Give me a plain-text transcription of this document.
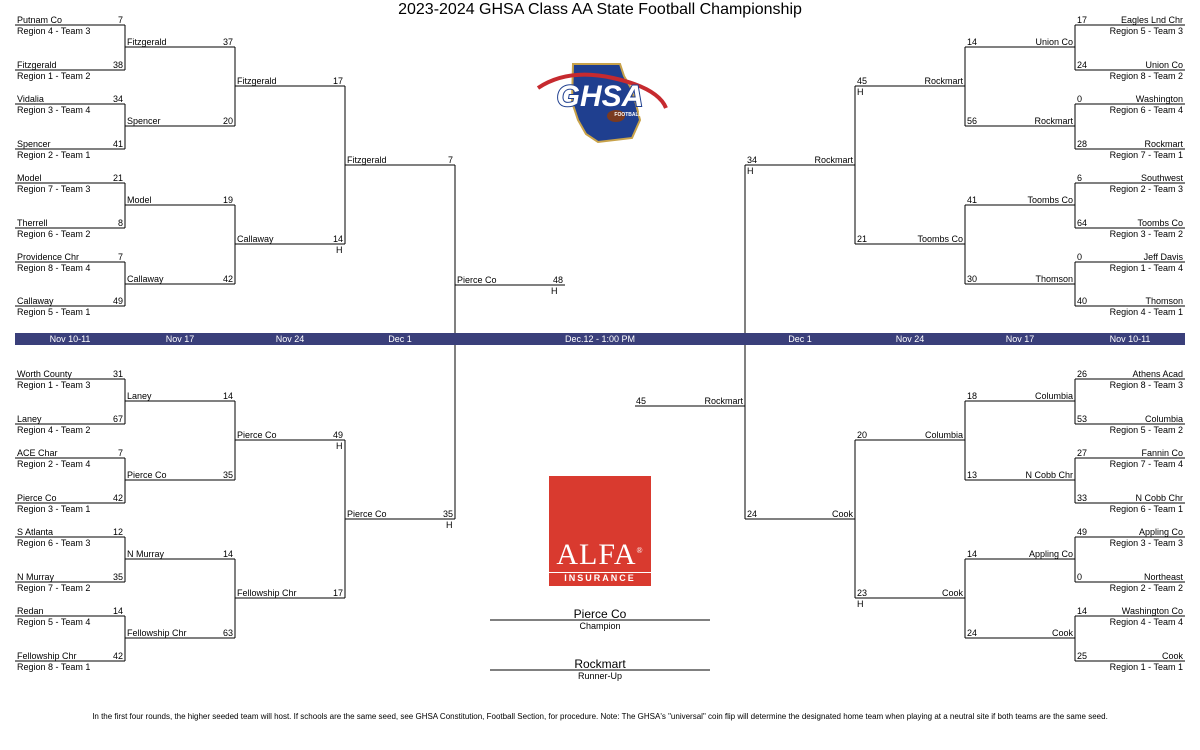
2023-2024 GHSA Class AA State Football Championship
Nov 10-11	Nov 17	Nov 24	Dec 1	Dec.12 - 1:00 PM	Dec 1	Nov 24	Nov 17	Nov 10-11
Putnam Co	7
Region 4 - Team 3
Fitzgerald	38
Region 1 - Team 2
Vidalia	34
Region 3 - Team 4
Spencer	41
Region 2 - Team 1
Model	21
Region 7 - Team 3
Therrell	8
Region 6 - Team 2
Providence Chr	7
Region 8 - Team 4
Callaway	49
Region 5 - Team 1
Worth County	31
Region 1 - Team 3
Laney	67
Region 4 - Team 2
ACE Char	7
Region 2 - Team 4
Pierce Co	42
Region 3 - Team 1
S Atlanta	12
Region 6 - Team 3
N Murray	35
Region 7 - Team 2
Redan	14
Region 5 - Team 4
Fellowship Chr	42
Region 8 - Team 1
Fitzgerald	37
Spencer	20
Model	19
Callaway	42
Laney	14
Pierce Co	35
N Murray	14
Fellowship Chr	63
Fitzgerald	17
Callaway	14
H
Pierce Co	49
H
Fellowship Chr	17
Fitzgerald	7
Pierce Co	35
H
Eagles Lnd Chr
17
Region 5 - Team 3
Union Co
24
Region 8 - Team 2
Washington
0
Region 6 - Team 4
Rockmart
28
Region 7 - Team 1
Southwest
6
Region 2 - Team 3
Toombs Co
64
Region 3 - Team 2
Jeff Davis
0
Region 1 - Team 4
Thomson
40
Region 4 - Team 1
Athens Acad
26
Region 8 - Team 3
Columbia
53
Region 5 - Team 2
Fannin Co
27
Region 7 - Team 4
N Cobb Chr
33
Region 6 - Team 1
Appling Co
49
Region 3 - Team 3
Northeast
0
Region 2 - Team 2
Washington Co
14
Region 4 - Team 4
Cook
25
Region 1 - Team 1
Union Co
14
Rockmart
56
Toombs Co
41
Thomson
30
Columbia
18
N Cobb Chr
13
Appling Co
14
Cook
24
Rockmart
45
H
Toombs Co
21
Columbia
20
Cook
23
H
Rockmart
34
H
Cook
24
Pierce Co	48
H
Rockmart
45
GHSA
FOOTBALL
ALFA®
INSURANCE
Pierce Co
Champion
Rockmart
Runner-Up
In the first four rounds, the higher seeded team will host. If schools are the same seed, see GHSA Constitution, Football Section, for procedure. Note: The GHSA's "universal" coin flip will determine the designated home team when playing at a neutral site if both teams are the same seed.
